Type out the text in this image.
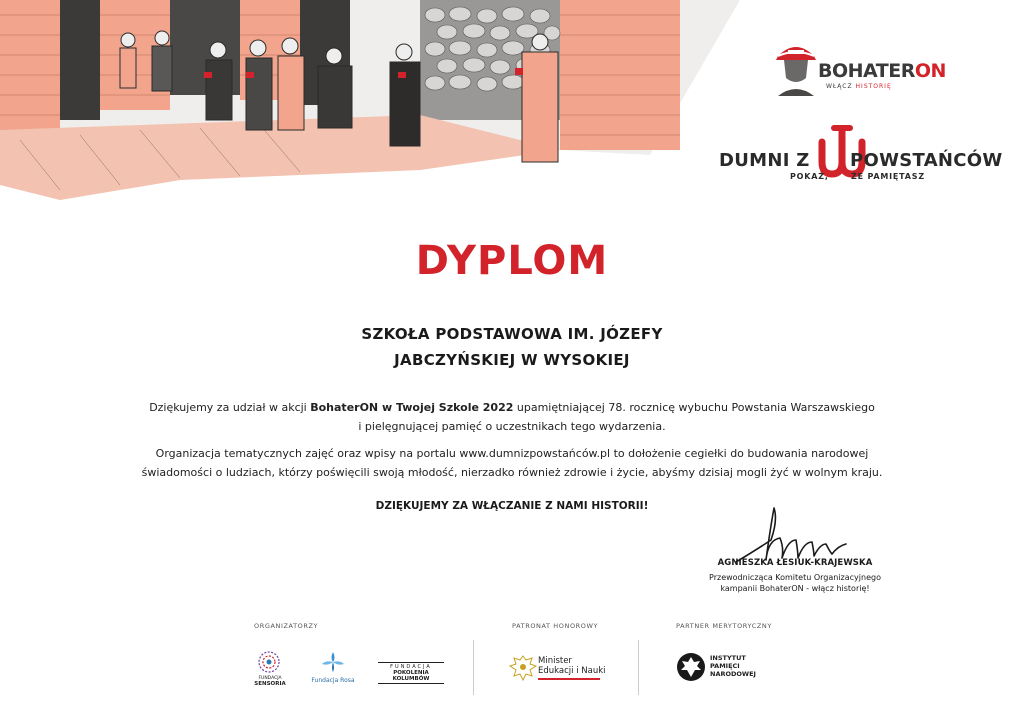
BOHATERON
WŁĄCZ HISTORIĘ
DUMNI Z POWSTAŃCÓW
POKAŻ,	ŻE PAMIĘTASZ
DYPLOM
SZKOŁA PODSTAWOWA IM. JÓZEFY
JABCZYŃSKIEJ W WYSOKIEJ
Dziękujemy za udział w akcji BohaterON w Twojej Szkole 2022 upamiętniającej 78. rocznicę wybuchu Powstania Warszawskiego
i pielęgnującej pamięć o uczestnikach tego wydarzenia.
Organizacja tematycznych zajęć oraz wpisy na portalu www.dumnizpowstańców.pl to dołożenie cegiełki do budowania narodowej
świadomości o ludziach, którzy poświęcili swoją młodość, nierzadko również zdrowie i życie, abyśmy dzisiaj mogli żyć w wolnym kraju.
DZIĘKUJEMY ZA WŁĄCZANIE Z NAMI HISTORII!
AGNIESZKA ŁESIUK-KRAJEWSKA
Przewodnicząca Komitetu Organizacyjnego
kampanii BohaterON - włącz historię!
ORGANIZATORZY	PATRONAT HONOROWY	PARTNER MERYTORYCZNY
FUNDACJA
SENSORIA	Fundacja Rosa
FUNDACJA
POKOLENIA KOLUMBÓW
Minister
Edukacji i Nauki
INSTYTUT
PAMIĘCI
NARODOWEJ
